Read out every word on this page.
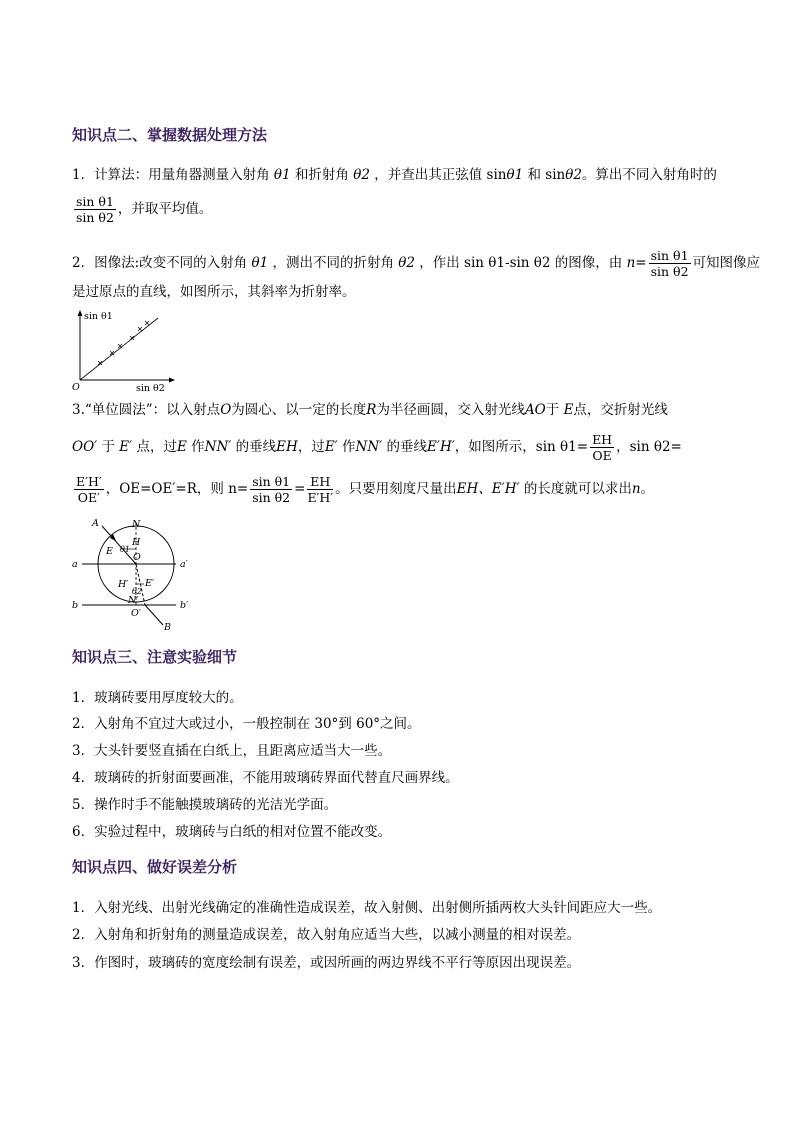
知识点二、掌握数据处理方法
1．计算法：用量角器测量入射角 θ1 和折射角 θ2 ，并查出其正弦值 sinθ1 和 sinθ2。算出不同入射角时的
$\frac{\text{sin θ1}}{\text{sin θ2}}$ ，并取平均值。
2．图像法:改变不同的入射角 θ1 ，测出不同的折射角 θ2 ，作出 sin θ1-sin θ2 的图像，由 $n= \frac{\text{sin θ1}}{\text{sin θ2}}$ 可知图像应
是过原点的直线，如图所示，其斜率为折射率。
sin θ1
sin θ2
O
3.“单位圆法”：以入射点O为圆心、以一定的长度R为半径画圆，交入射光线AO于 E点，交折射光线
OO′ 于 E′ 点，过E 作NN′ 的垂线EH，过E′ 作NN′ 的垂线E′H′，如图所示，$\sin \theta 1= \frac{EH}{OE}$ ，sin θ2=
$\frac{E'H'}{OE'}$ ，OE=OE′=R，则 $n= \frac{\text{sin θ1}}{\text{sin θ2}} = \frac{EH}{E'H'}$ 。只要用刻度尺量出EH、E′H′ 的长度就可以求出n。
A	N
H
θ1
E
O
a	a′
H′
θ2
E′
N′
b	b′
O′
B
知识点三、注意实验细节
1．玻璃砖要用厚度较大的。
2．入射角不宜过大或过小，一般控制在 30°到 60°之间。
3．大头针要竖直插在白纸上，且距离应适当大一些。
4．玻璃砖的折射面要画准，不能用玻璃砖界面代替直尺画界线。
5．操作时手不能触摸玻璃砖的光洁光学面。
6．实验过程中，玻璃砖与白纸的相对位置不能改变。
知识点四、做好误差分析
1．入射光线、出射光线确定的准确性造成误差，故入射侧、出射侧所插两枚大头针间距应大一些。
2．入射角和折射角的测量造成误差，故入射角应适当大些，以减小测量的相对误差。
3．作图时，玻璃砖的宽度绘制有误差，或因所画的两边界线不平行等原因出现误差。
